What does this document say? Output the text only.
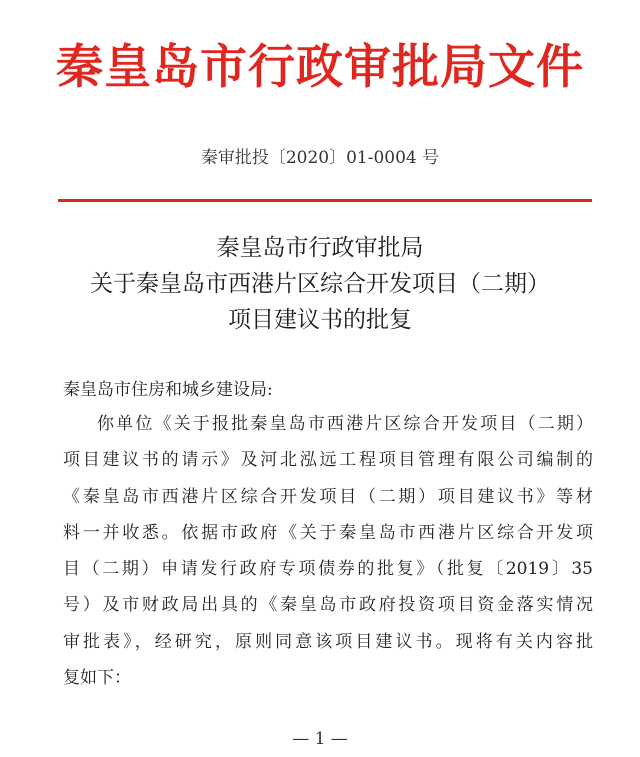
秦皇岛市行政审批局文件
秦审批投〔2020〕01-0004 号
秦皇岛市行政审批局
关于秦皇岛市西港片区综合开发项目（二期）
项目建议书的批复
秦皇岛市住房和城乡建设局:
你单位《关于报批秦皇岛市西港片区综合开发项目（二期）
项目建议书的请示》及河北泓远工程项目管理有限公司编制的
《秦皇岛市西港片区综合开发项目（二期）项目建议书》等材
料一并收悉。依据市政府《关于秦皇岛市西港片区综合开发项
目（二期）申请发行政府专项债券的批复》（批复〔2019〕35
号）及市财政局出具的《秦皇岛市政府投资项目资金落实情况
审批表》，经研究，原则同意该项目建议书。现将有关内容批
复如下：
— 1 —
